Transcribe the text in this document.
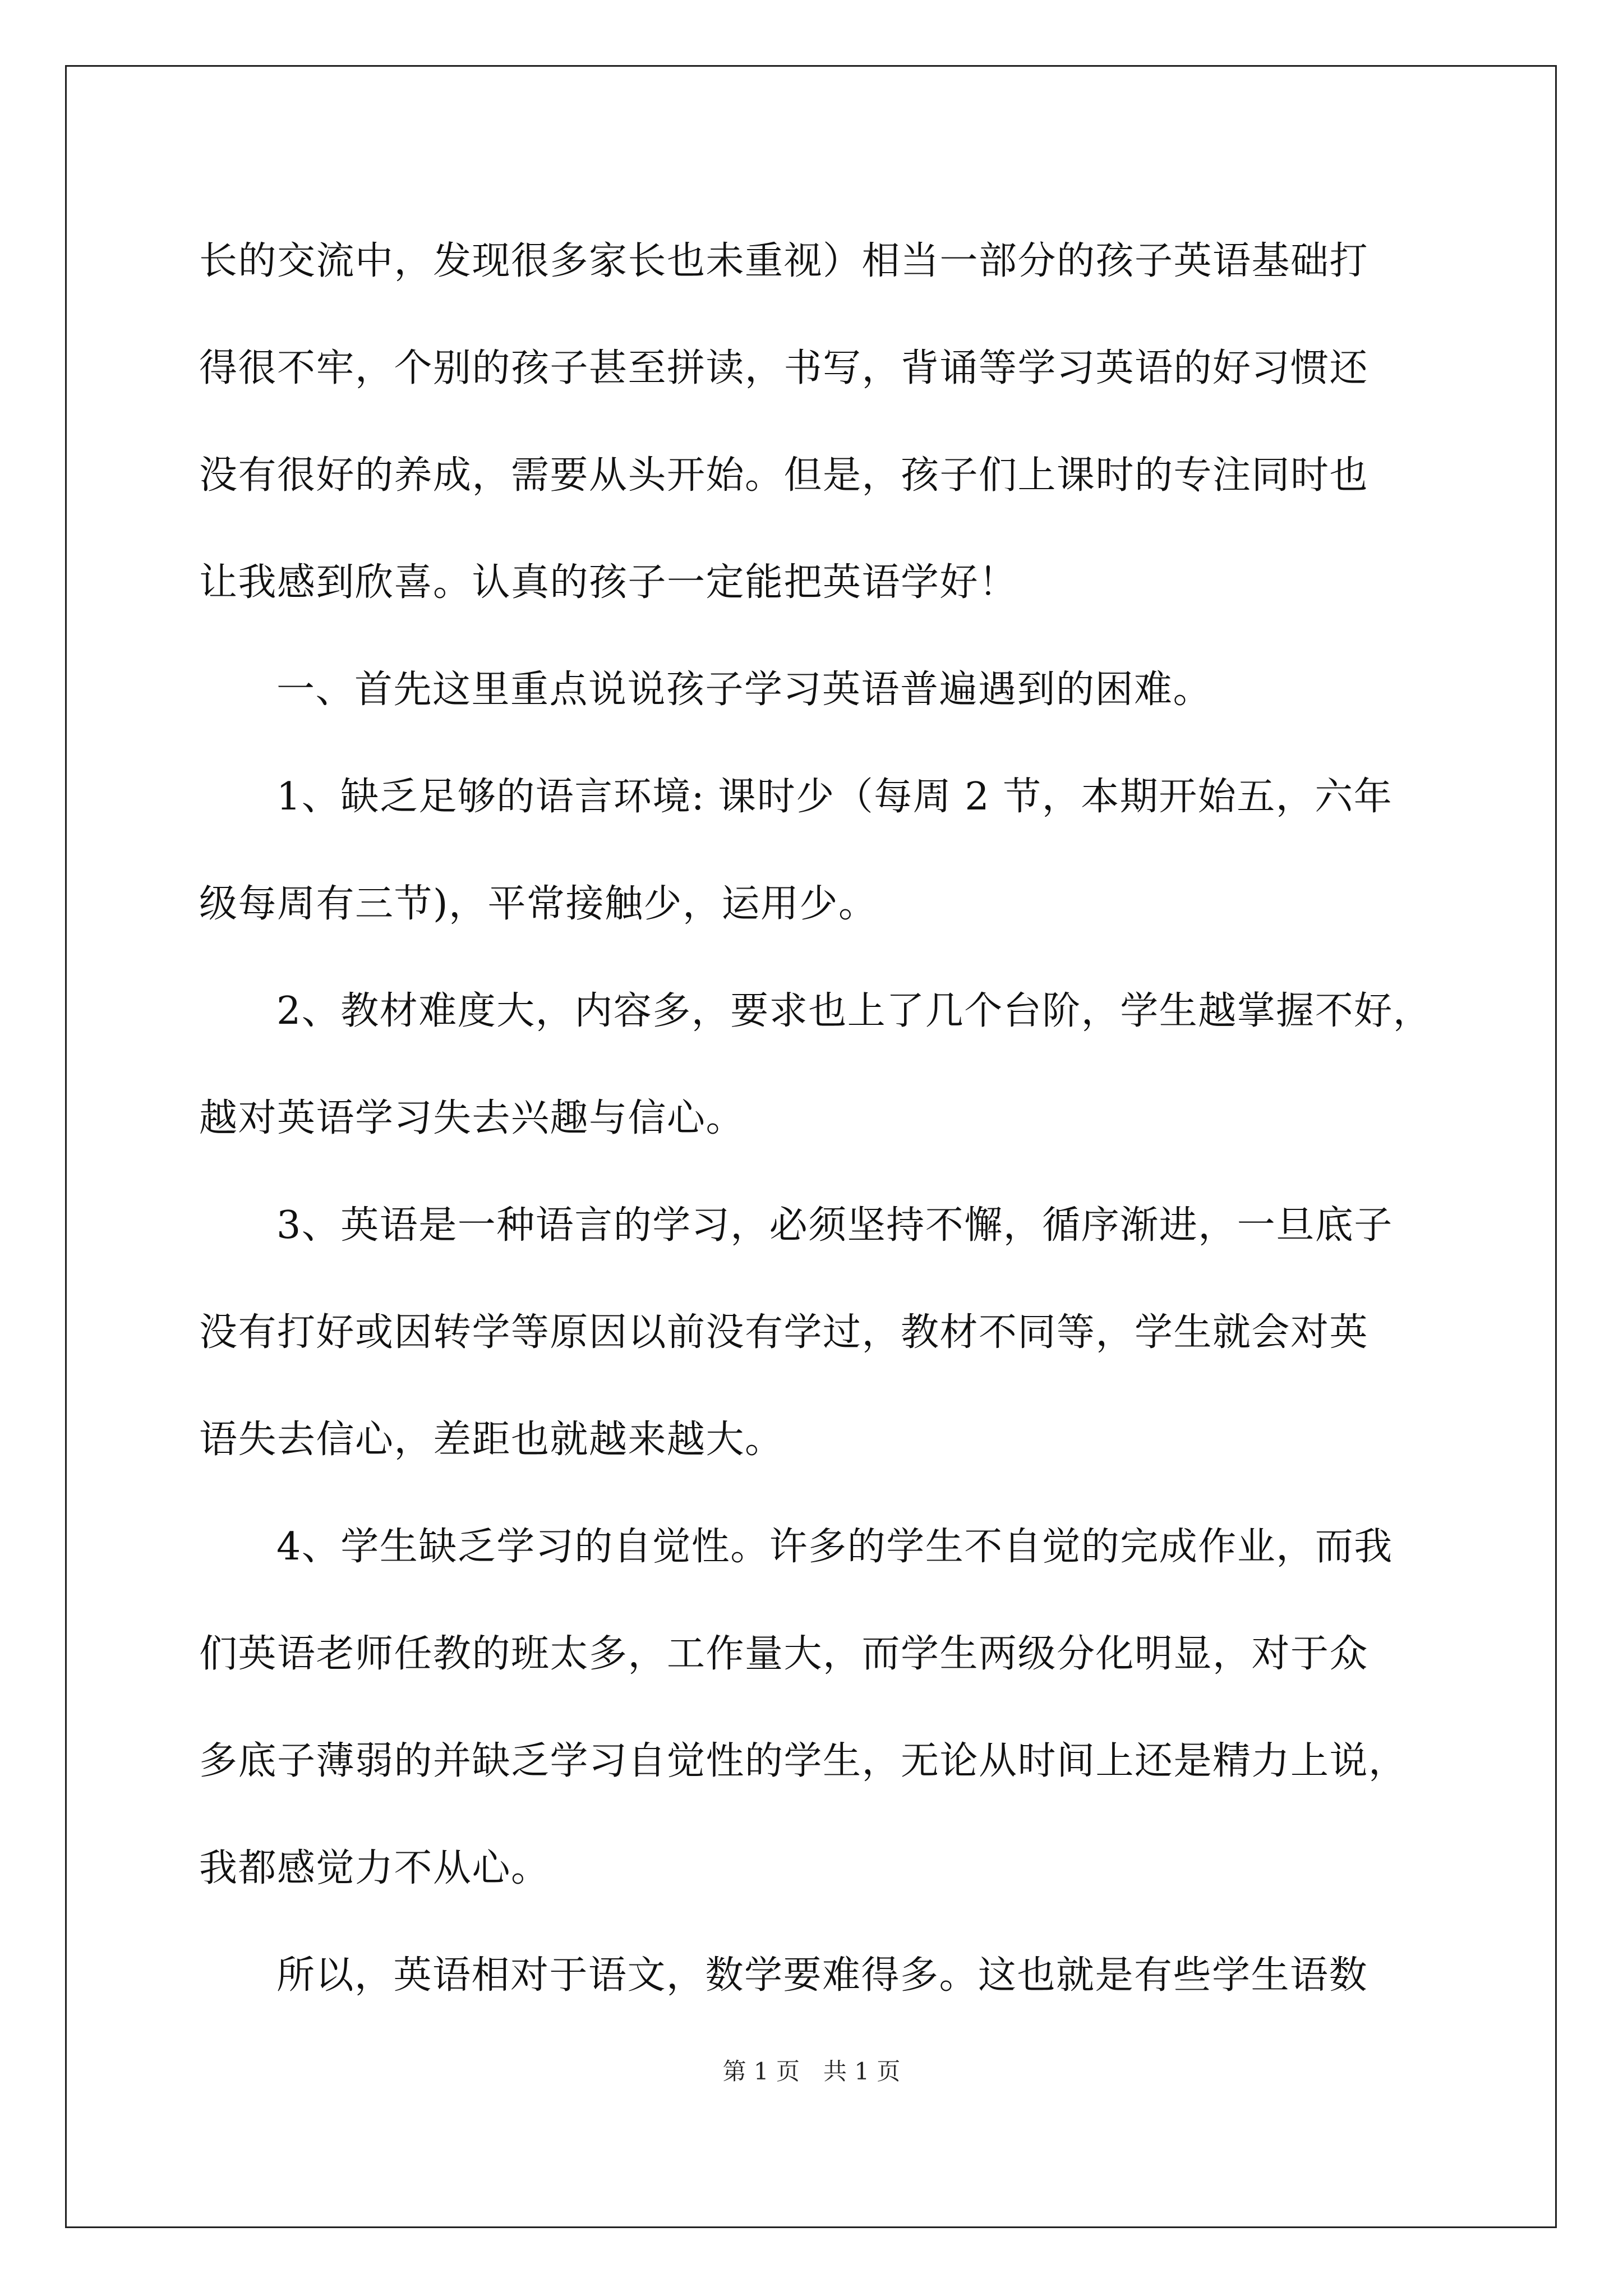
长的交流中，发现很多家长也未重视）相当一部分的孩子英语基础打
得很不牢，个别的孩子甚至拼读，书写，背诵等学习英语的好习惯还
没有很好的养成，需要从头开始。但是，孩子们上课时的专注同时也
让我感到欣喜。认真的孩子一定能把英语学好！
一、首先这里重点说说孩子学习英语普遍遇到的困难。
1、缺乏足够的语言环境: 课时少（每周 2 节，本期开始五，六年
级每周有三节)，平常接触少，运用少。
2、教材难度大，内容多，要求也上了几个台阶，学生越掌握不好，
越对英语学习失去兴趣与信心。
3、英语是一种语言的学习，必须坚持不懈，循序渐进，一旦底子
没有打好或因转学等原因以前没有学过，教材不同等，学生就会对英
语失去信心，差距也就越来越大。
4、学生缺乏学习的自觉性。许多的学生不自觉的完成作业，而我
们英语老师任教的班太多，工作量大，而学生两级分化明显，对于众
多底子薄弱的并缺乏学习自觉性的学生，无论从时间上还是精力上说，
我都感觉力不从心。
所以，英语相对于语文，数学要难得多。这也就是有些学生语数
第 1 页　共 1 页
